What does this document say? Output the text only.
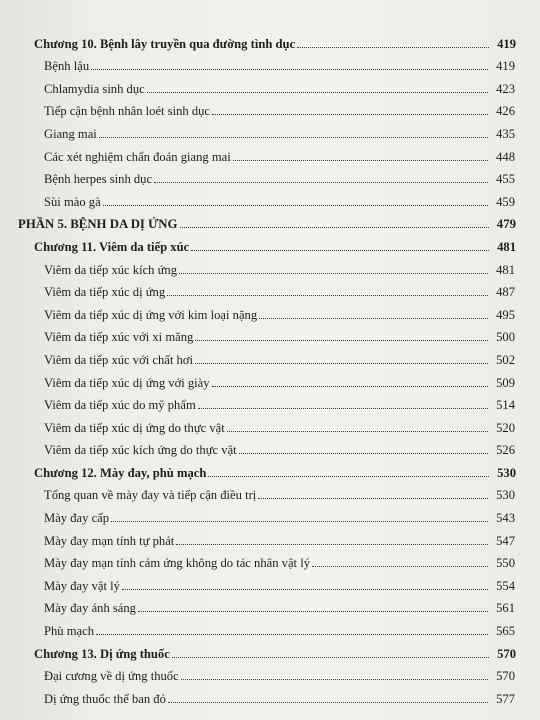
Chương 10. Bệnh lây truyền qua đường tình dục	419
Bệnh lậu	419
Chlamydia sinh dục	423
Tiếp cận bệnh nhân loét sinh dục	426
Giang mai	435
Các xét nghiệm chẩn đoán giang mai	448
Bệnh herpes sinh dục	455
Sùi mào gà	459
PHẦN 5. BỆNH DA DỊ ỨNG	479
Chương 11. Viêm da tiếp xúc	481
Viêm da tiếp xúc kích ứng	481
Viêm da tiếp xúc dị ứng	487
Viêm da tiếp xúc dị ứng với kim loại nặng	495
Viêm da tiếp xúc với xi măng	500
Viêm da tiếp xúc với chất hơi	502
Viêm da tiếp xúc dị ứng với giày	509
Viêm da tiếp xúc do mỹ phẩm	514
Viêm da tiếp xúc dị ứng do thực vật	520
Viêm da tiếp xúc kích ứng do thực vật	526
Chương 12. Mày đay, phù mạch	530
Tổng quan về mày đay và tiếp cận điều trị	530
Mày đay cấp	543
Mày đay mạn tính tự phát	547
Mày đay mạn tính cảm ứng không do tác nhân vật lý	550
Mày đay vật lý	554
Mày đay ánh sáng	561
Phù mạch	565
Chương 13. Dị ứng thuốc	570
Đại cương về dị ứng thuốc	570
Dị ứng thuốc thể ban đỏ	577
